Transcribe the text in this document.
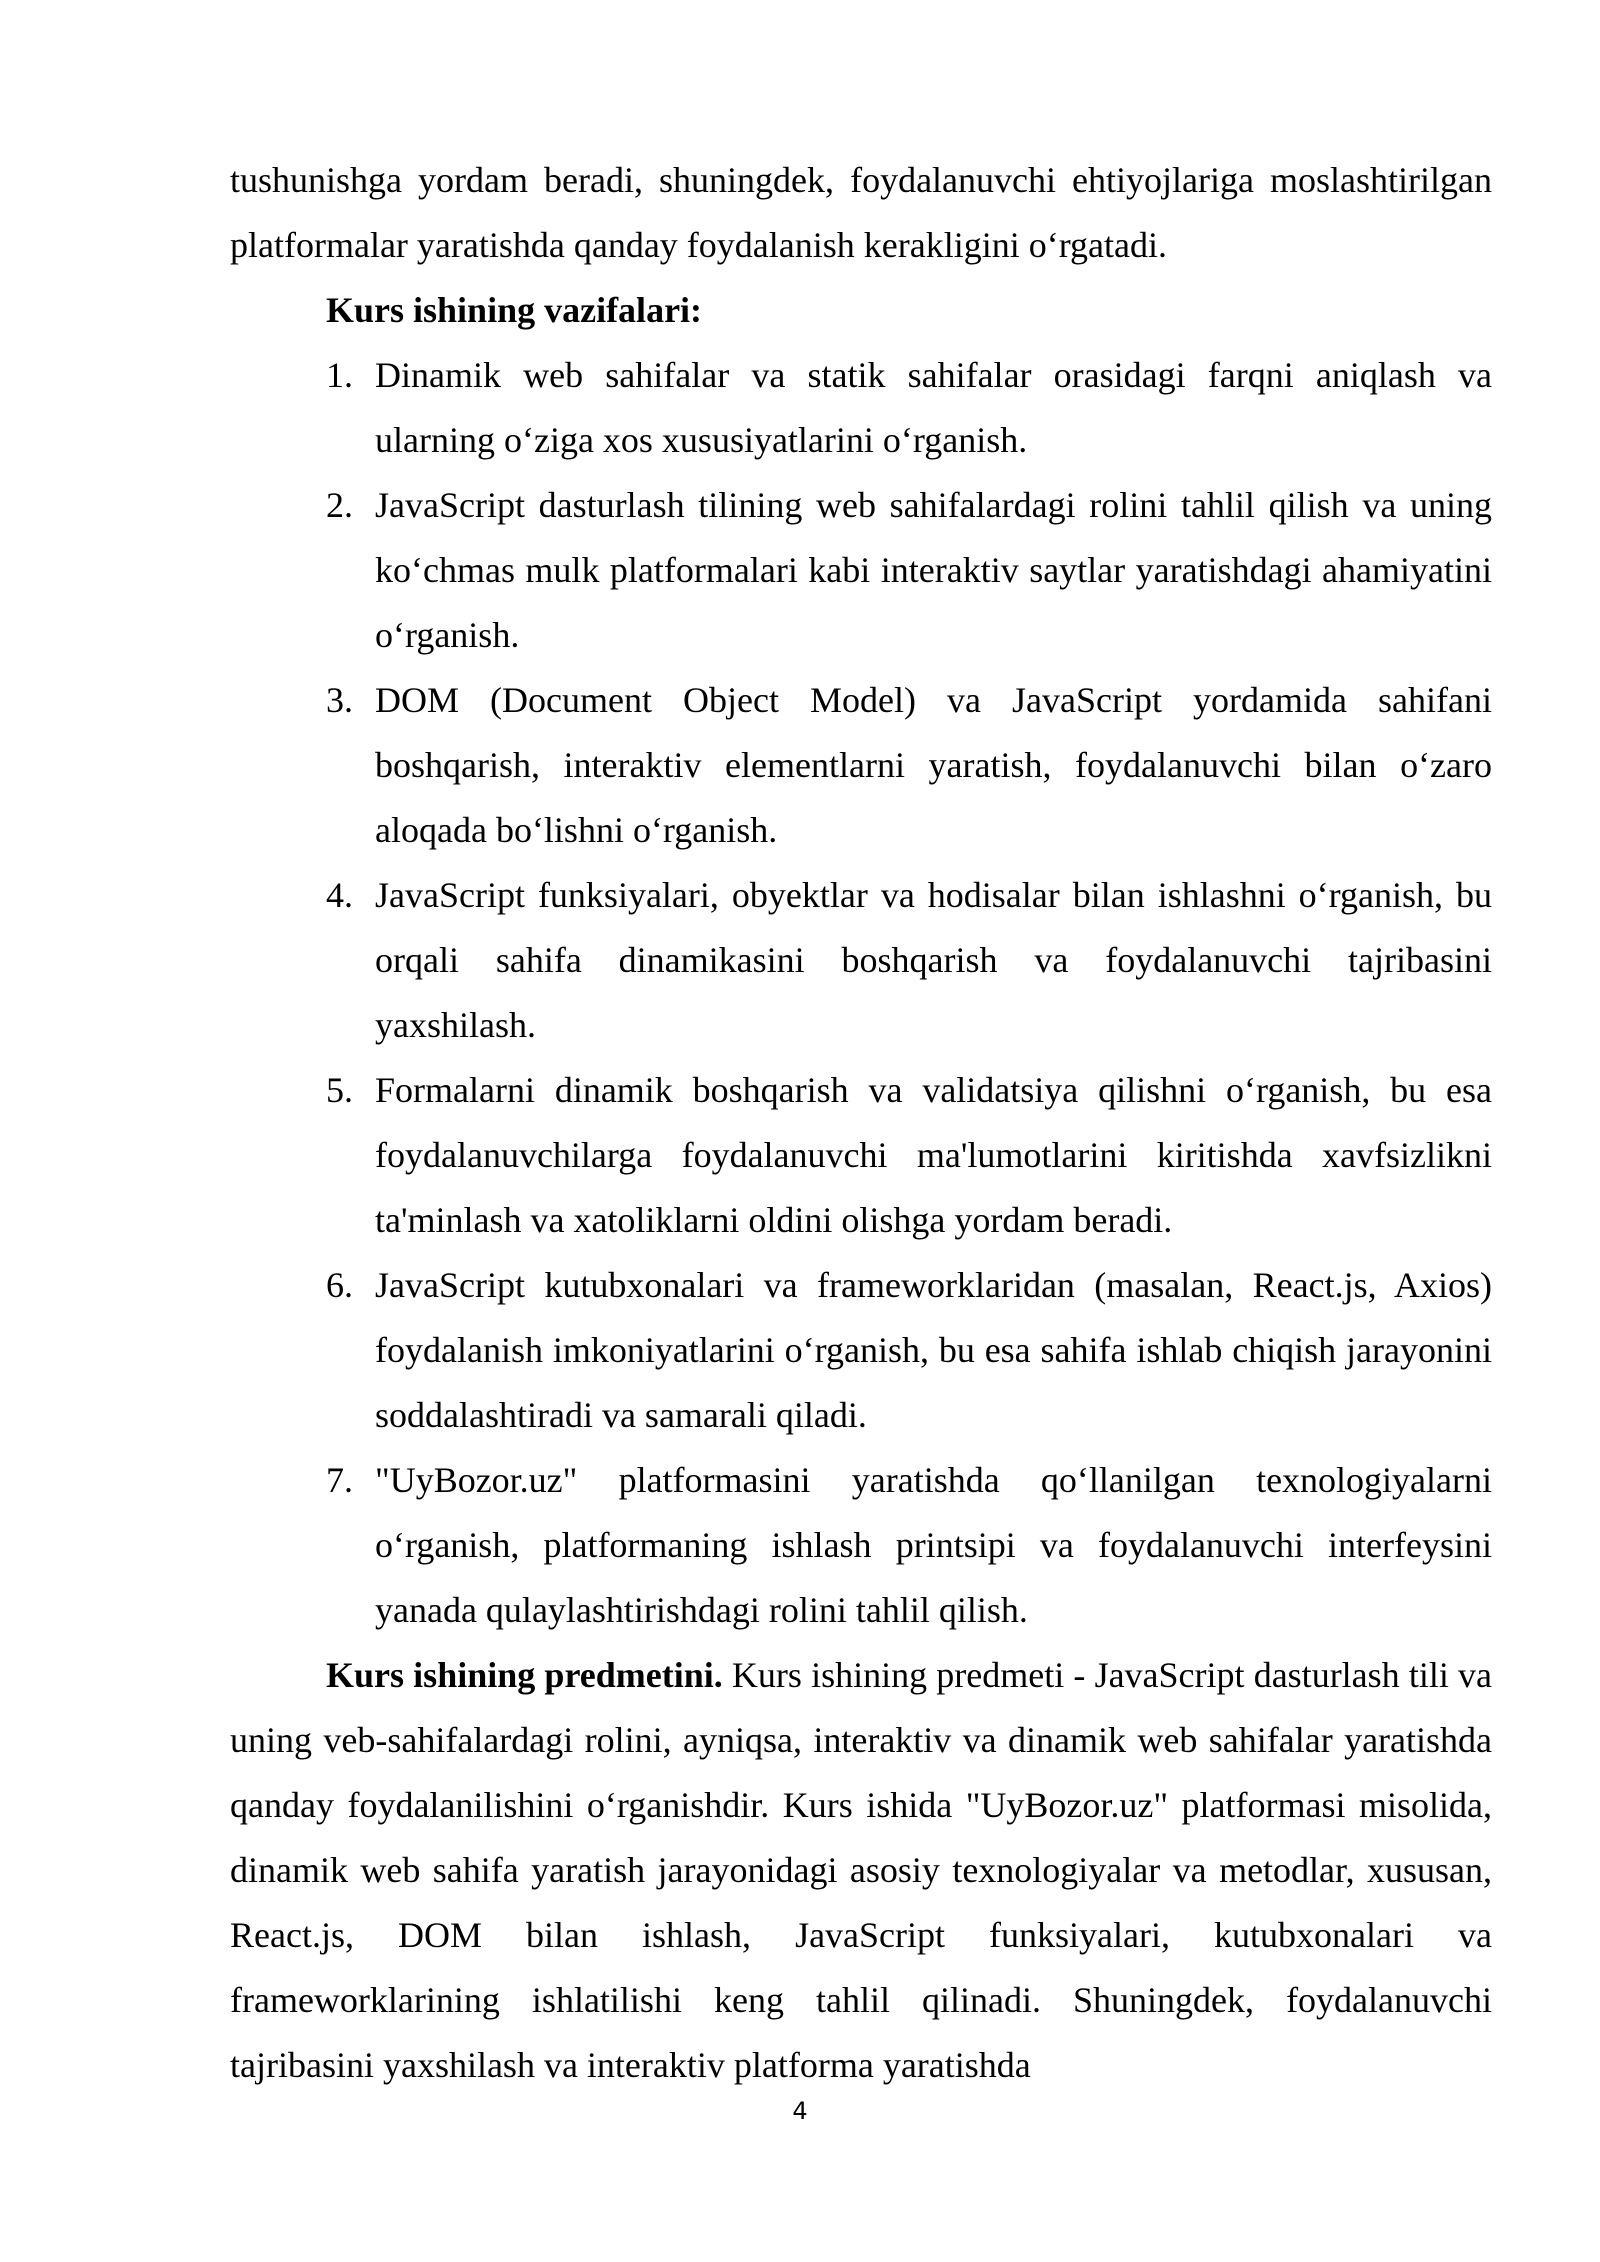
tushunishga yordam beradi, shuningdek, foydalanuvchi ehtiyojlariga moslashtirilgan platformalar yaratishda qanday foydalanish kerakligini o‘rgatadi.

Kurs ishining vazifalari:

1. Dinamik web sahifalar va statik sahifalar orasidagi farqni aniqlash va ularning o‘ziga xos xususiyatlarini o‘rganish.
2. JavaScript dasturlash tilining web sahifalardagi rolini tahlil qilish va uning ko‘chmas mulk platformalari kabi interaktiv saytlar yaratishdagi ahamiyatini o‘rganish.
3. DOM (Document Object Model) va JavaScript yordamida sahifani boshqarish, interaktiv elementlarni yaratish, foydalanuvchi bilan o‘zaro aloqada bo‘lishni o‘rganish.
4. JavaScript funksiyalari, obyektlar va hodisalar bilan ishlashni o‘rganish, bu orqali sahifa dinamikasini boshqarish va foydalanuvchi tajribasini yaxshilash.
5. Formalarni dinamik boshqarish va validatsiya qilishni o‘rganish, bu esa foydalanuvchilarga foydalanuvchi ma'lumotlarini kiritishda xavfsizlikni ta'minlash va xatoliklarni oldini olishga yordam beradi.
6. JavaScript kutubxonalari va frameworklaridan (masalan, React.js, Axios) foydalanish imkoniyatlarini o‘rganish, bu esa sahifa ishlab chiqish jarayonini soddalashtiradi va samarali qiladi.
7. "UyBozor.uz" platformasini yaratishda qo‘llanilgan texnologiyalarni o‘rganish, platformaning ishlash printsipi va foydalanuvchi interfeysini yanada qulaylashtirishdagi rolini tahlil qilish.

Kurs ishining predmetini. Kurs ishining predmeti - JavaScript dasturlash tili va uning veb-sahifalardagi rolini, ayniqsa, interaktiv va dinamik web sahifalar yaratishda qanday foydalanilishini o‘rganishdir. Kurs ishida "UyBozor.uz" platformasi misolida, dinamik web sahifa yaratish jarayonidagi asosiy texnologiyalar va metodlar, xususan, React.js, DOM bilan ishlash, JavaScript funksiyalari, kutubxonalari va frameworklarining ishlatilishi keng tahlil qilinadi. Shuningdek, foydalanuvchi tajribasini yaxshilash va interaktiv platforma yaratishda

4
